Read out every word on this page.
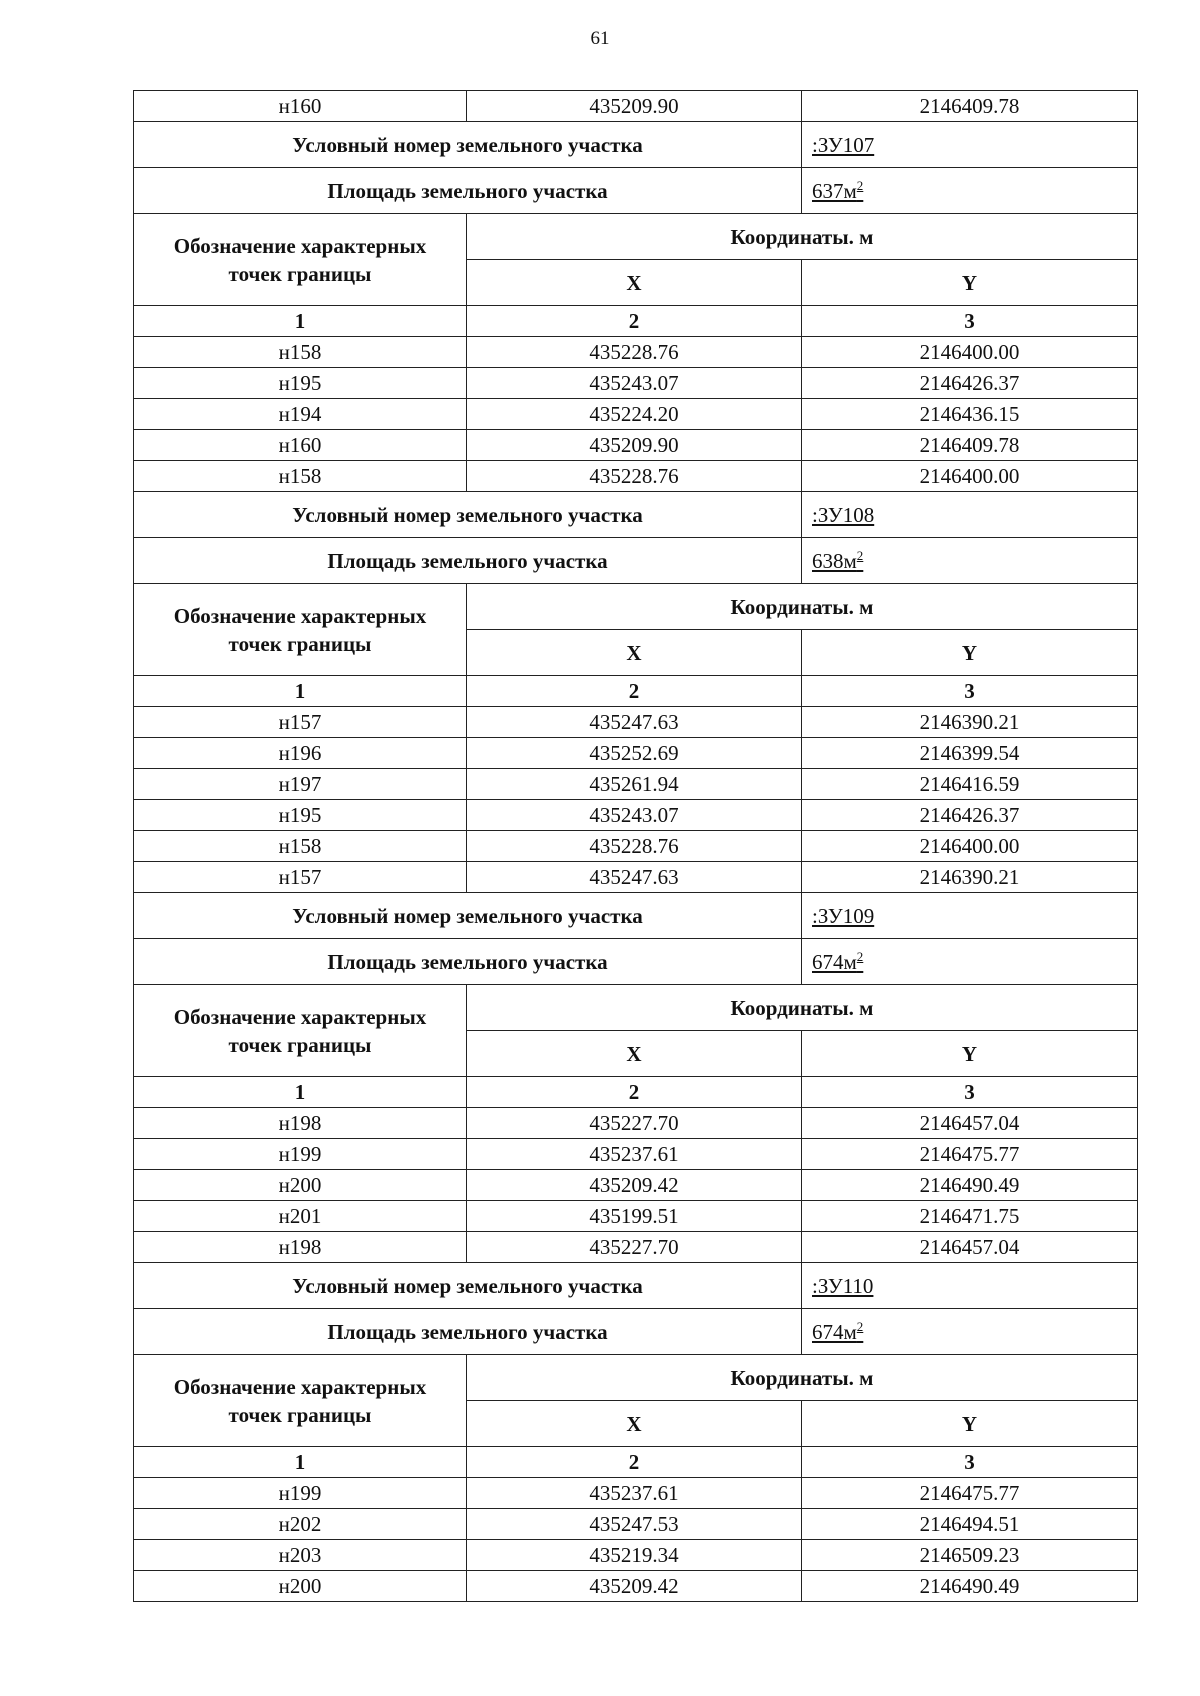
61
н160	435209.90	2146409.78
Условный номер земельного участка		:ЗУ107
Площадь земельного участка		$637м^2$
Обозначение характерных
точек границы	Координаты. м	
	X	Y
1	2	3
н158	435228.76	2146400.00
н195	435243.07	2146426.37
н194	435224.20	2146436.15
н160	435209.90	2146409.78
н158	435228.76	2146400.00
Условный номер земельного участка		:ЗУ108
Площадь земельного участка		$638м^2$
Обозначение характерных
точек границы	Координаты. м	
	X	Y
1	2	3
н157	435247.63	2146390.21
н196	435252.69	2146399.54
н197	435261.94	2146416.59
н195	435243.07	2146426.37
н158	435228.76	2146400.00
н157	435247.63	2146390.21
Условный номер земельного участка		:ЗУ109
Площадь земельного участка		$674м^2$
Обозначение характерных
точек границы	Координаты. м	
	X	Y
1	2	3
н198	435227.70	2146457.04
н199	435237.61	2146475.77
н200	435209.42	2146490.49
н201	435199.51	2146471.75
н198	435227.70	2146457.04
Условный номер земельного участка		:ЗУ110
Площадь земельного участка		$674м^2$
Обозначение характерных
точек границы	Координаты. м	
	X	Y
1	2	3
н199	435237.61	2146475.77
н202	435247.53	2146494.51
н203	435219.34	2146509.23
н200	435209.42	2146490.49
